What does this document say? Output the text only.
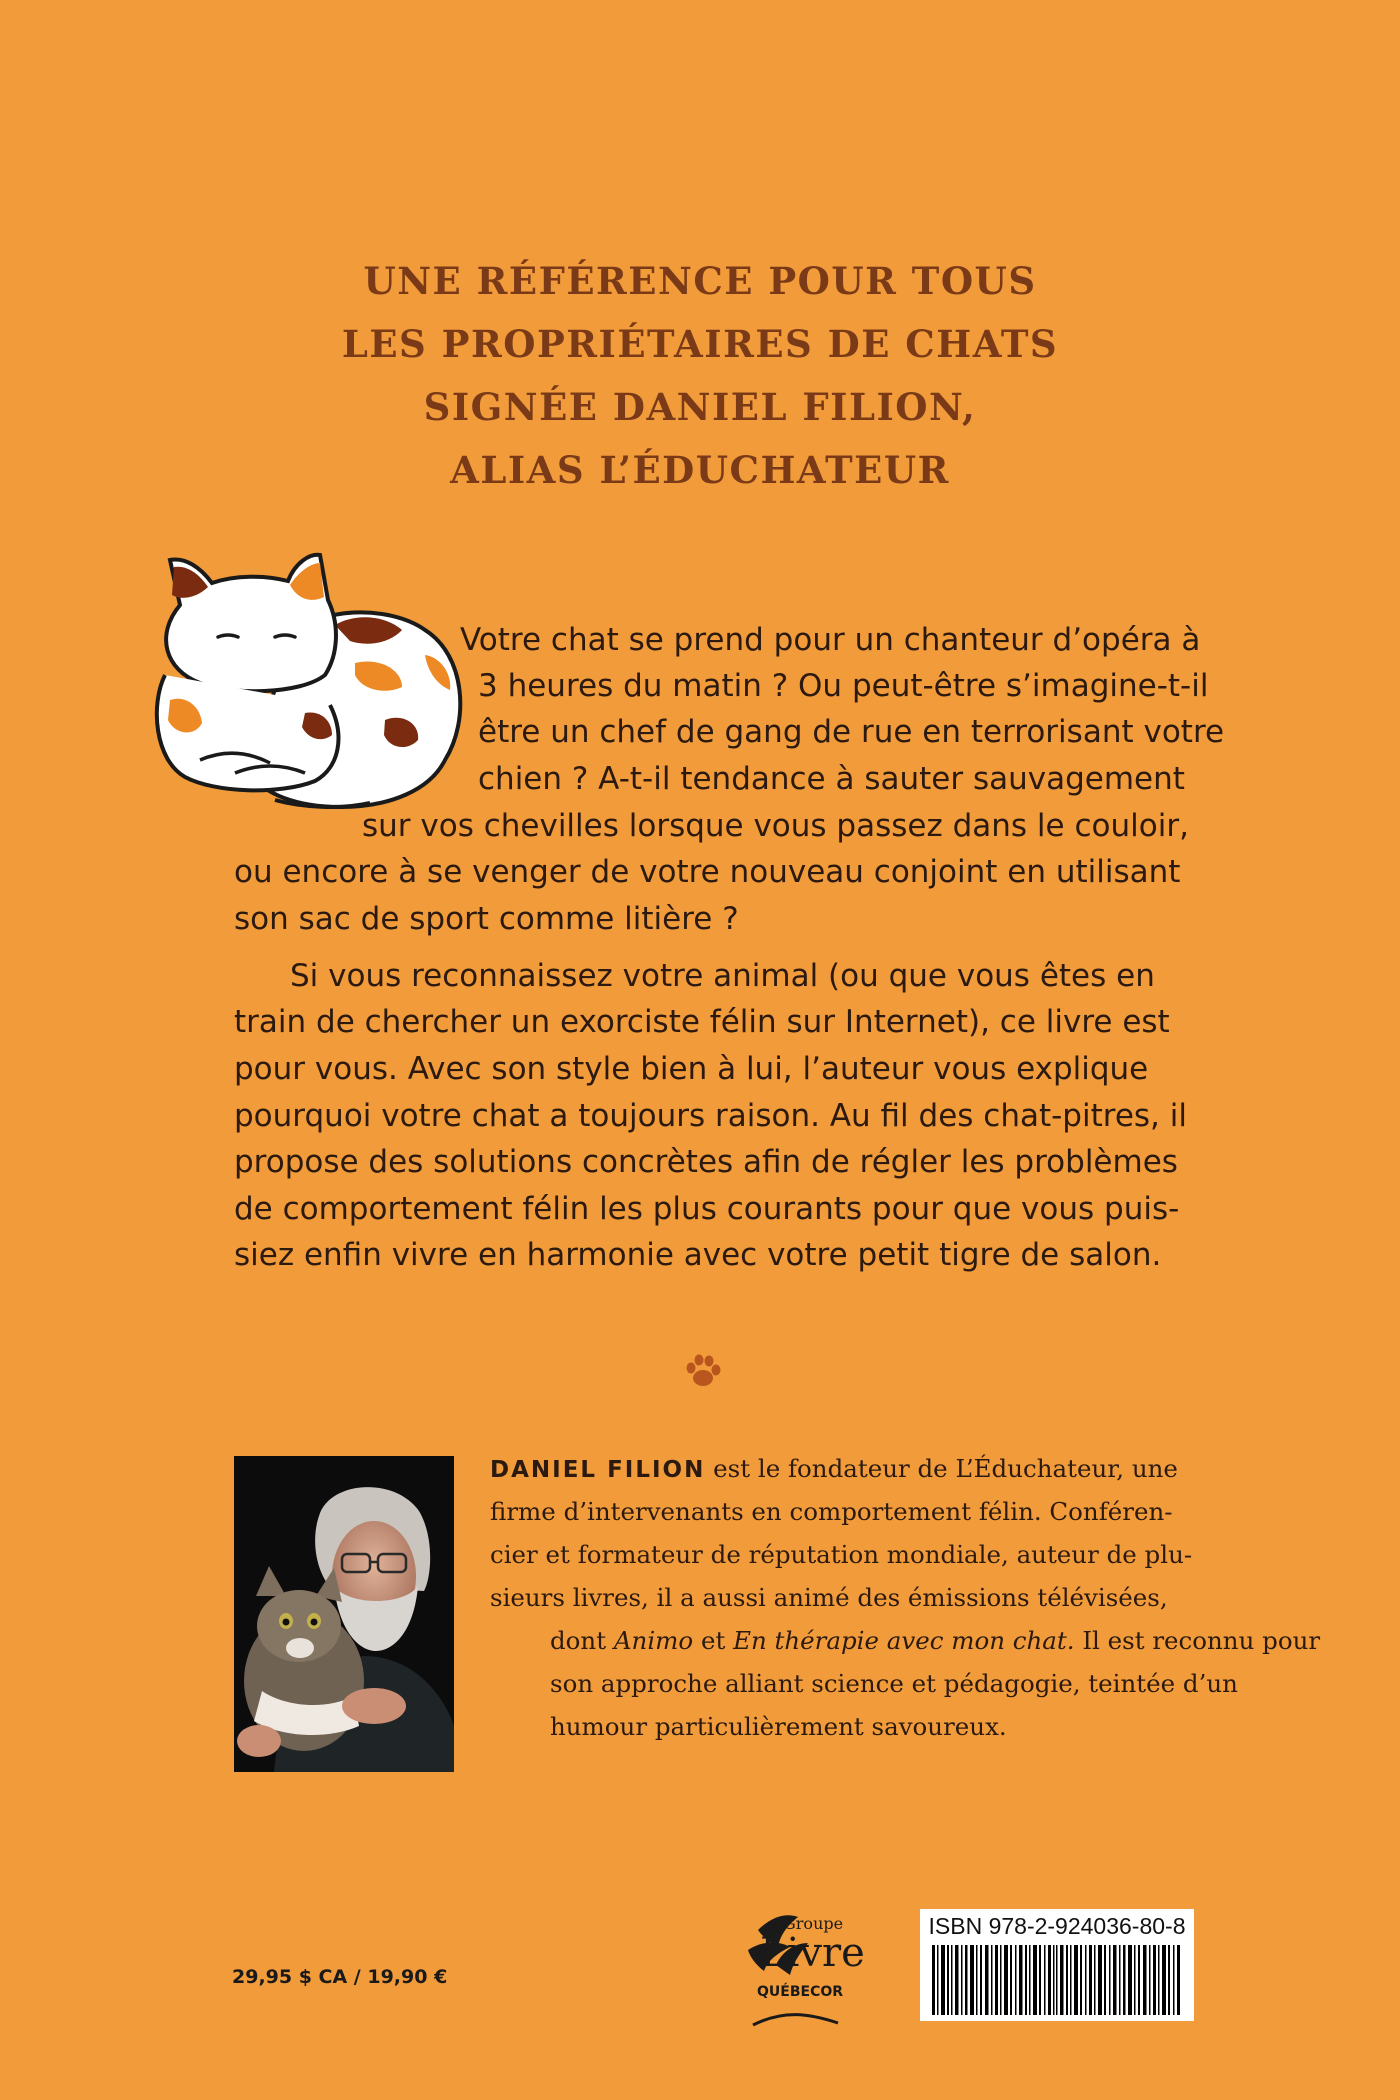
UNE RÉFÉRENCE POUR TOUS
LES PROPRIÉTAIRES DE CHATS
SIGNÉE DANIEL FILION,
ALIAS L’ÉDUCHATEUR
Votre chat se prend pour un chanteur d’opéra à
3 heures du matin ? Ou peut-être s’imagine-t-il
être un chef de gang de rue en terrorisant votre
chien ? A-t-il tendance à sauter sauvagement
sur vos chevilles lorsque vous passez dans le couloir,
ou encore à se venger de votre nouveau conjoint en utilisant
son sac de sport comme litière ?
Si vous reconnaissez votre animal (ou que vous êtes en
train de chercher un exorciste félin sur Internet), ce livre est
pour vous. Avec son style bien à lui, l’auteur vous explique
pourquoi votre chat a toujours raison. Au fil des chat-pitres, il
propose des solutions concrètes afin de régler les problèmes
de comportement félin les plus courants pour que vous puis-
siez enfin vivre en harmonie avec votre petit tigre de salon.
DANIEL FILION est le fondateur de L’Éduchateur, une
firme d’intervenants en comportement félin. Conféren-
cier et formateur de réputation mondiale, auteur de plu-
sieurs livres, il a aussi animé des émissions télévisées,
dont Animo et En thérapie avec mon chat. Il est reconnu pour
son approche alliant science et pédagogie, teintée d’un
humour particulièrement savoureux.
Groupe
Livre
QUÉBECOR
ISBN 978-2-924036-80-8
29,95 $ CA / 19,90 €
